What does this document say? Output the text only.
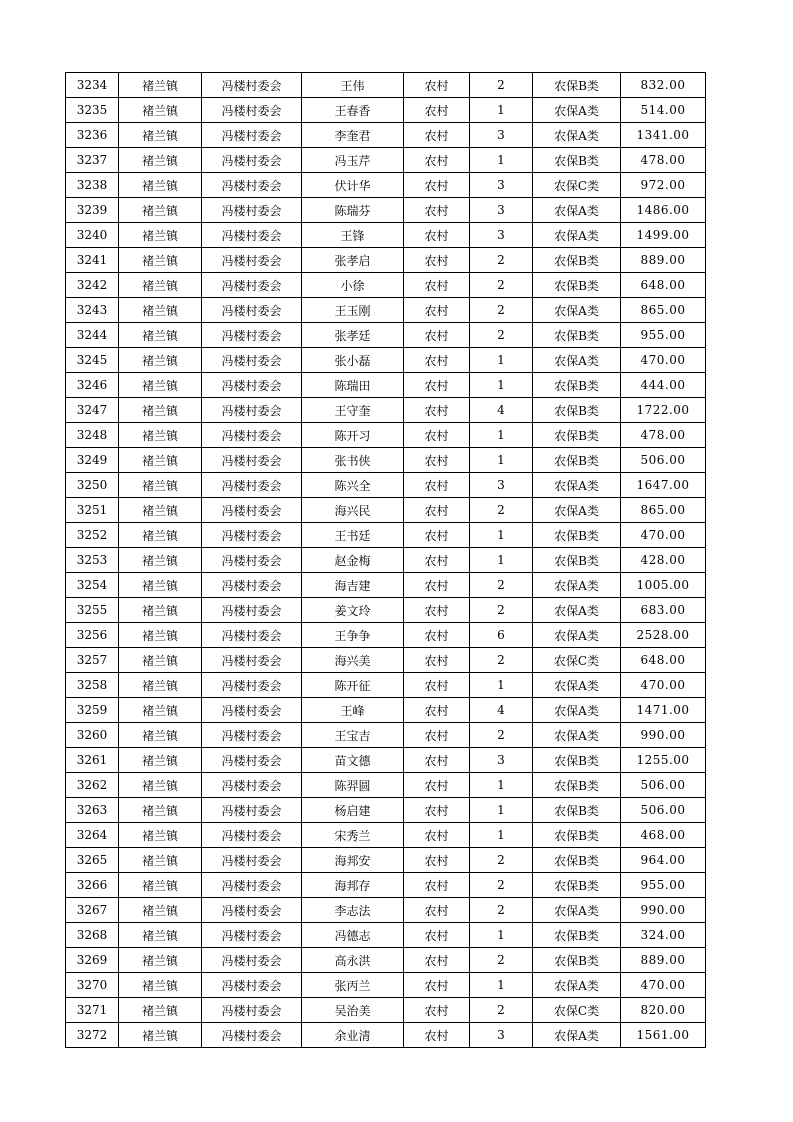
3234	褚兰镇	冯楼村委会	王伟	农村	2	农保B类	832.00
3235	褚兰镇	冯楼村委会	王春香	农村	1	农保A类	514.00
3236	褚兰镇	冯楼村委会	李奎君	农村	3	农保A类	1341.00
3237	褚兰镇	冯楼村委会	冯玉芹	农村	1	农保B类	478.00
3238	褚兰镇	冯楼村委会	伏计华	农村	3	农保C类	972.00
3239	褚兰镇	冯楼村委会	陈瑞芬	农村	3	农保A类	1486.00
3240	褚兰镇	冯楼村委会	王锋	农村	3	农保A类	1499.00
3241	褚兰镇	冯楼村委会	张孝启	农村	2	农保B类	889.00
3242	褚兰镇	冯楼村委会	小徐	农村	2	农保B类	648.00
3243	褚兰镇	冯楼村委会	王玉刚	农村	2	农保A类	865.00
3244	褚兰镇	冯楼村委会	张孝廷	农村	2	农保B类	955.00
3245	褚兰镇	冯楼村委会	张小磊	农村	1	农保A类	470.00
3246	褚兰镇	冯楼村委会	陈瑞田	农村	1	农保B类	444.00
3247	褚兰镇	冯楼村委会	王守奎	农村	4	农保B类	1722.00
3248	褚兰镇	冯楼村委会	陈开习	农村	1	农保B类	478.00
3249	褚兰镇	冯楼村委会	张书侠	农村	1	农保B类	506.00
3250	褚兰镇	冯楼村委会	陈兴全	农村	3	农保A类	1647.00
3251	褚兰镇	冯楼村委会	海兴民	农村	2	农保A类	865.00
3252	褚兰镇	冯楼村委会	王书廷	农村	1	农保B类	470.00
3253	褚兰镇	冯楼村委会	赵金梅	农村	1	农保B类	428.00
3254	褚兰镇	冯楼村委会	海吉建	农村	2	农保A类	1005.00
3255	褚兰镇	冯楼村委会	姜文玲	农村	2	农保A类	683.00
3256	褚兰镇	冯楼村委会	王争争	农村	6	农保A类	2528.00
3257	褚兰镇	冯楼村委会	海兴美	农村	2	农保C类	648.00
3258	褚兰镇	冯楼村委会	陈开征	农村	1	农保A类	470.00
3259	褚兰镇	冯楼村委会	王峰	农村	4	农保A类	1471.00
3260	褚兰镇	冯楼村委会	王宝吉	农村	2	农保A类	990.00
3261	褚兰镇	冯楼村委会	苗文德	农村	3	农保B类	1255.00
3262	褚兰镇	冯楼村委会	陈羿圆	农村	1	农保B类	506.00
3263	褚兰镇	冯楼村委会	杨启建	农村	1	农保B类	506.00
3264	褚兰镇	冯楼村委会	宋秀兰	农村	1	农保B类	468.00
3265	褚兰镇	冯楼村委会	海邦安	农村	2	农保B类	964.00
3266	褚兰镇	冯楼村委会	海邦存	农村	2	农保B类	955.00
3267	褚兰镇	冯楼村委会	李志法	农村	2	农保A类	990.00
3268	褚兰镇	冯楼村委会	冯德志	农村	1	农保B类	324.00
3269	褚兰镇	冯楼村委会	高永洪	农村	2	农保B类	889.00
3270	褚兰镇	冯楼村委会	张丙兰	农村	1	农保A类	470.00
3271	褚兰镇	冯楼村委会	吴治美	农村	2	农保C类	820.00
3272	褚兰镇	冯楼村委会	余业清	农村	3	农保A类	1561.00
